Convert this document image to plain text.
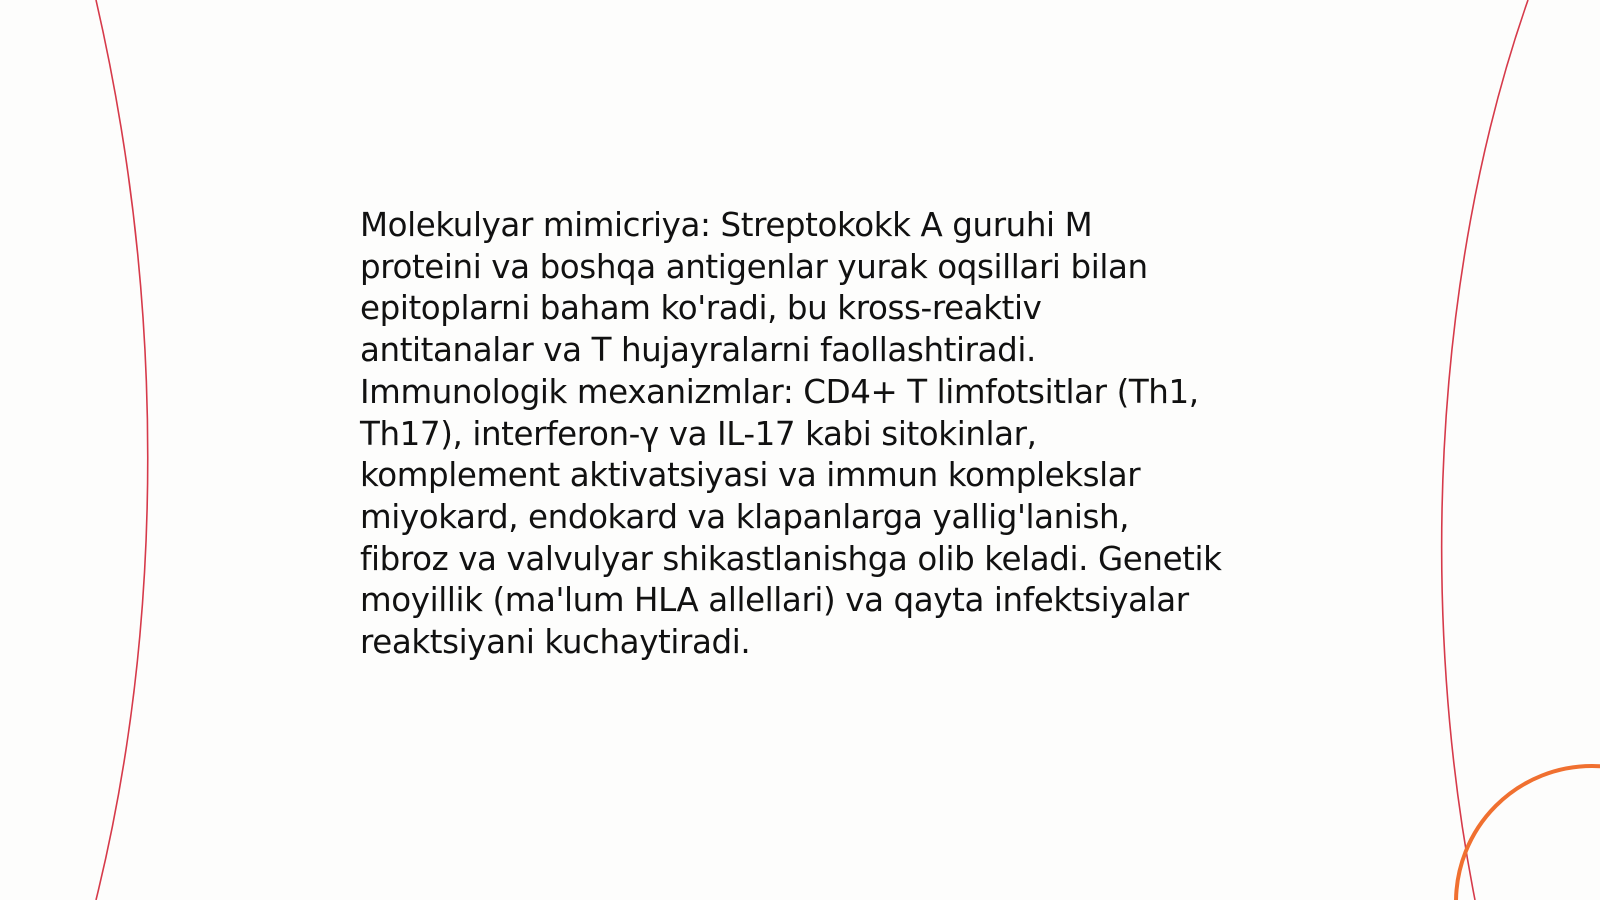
Molekulyar mimicriya: Streptokokk A guruhi M
proteini va boshqa antigenlar yurak oqsillari bilan
epitoplarni baham ko'radi, bu kross-reaktiv
antitanalar va T hujayralarni faollashtiradi.
Immunologik mexanizmlar: CD4+ T limfotsitlar (Th1,
Th17), interferon-γ va IL-17 kabi sitokinlar,
komplement aktivatsiyasi va immun komplekslar
miyokard, endokard va klapanlarga yallig'lanish,
fibroz va valvulyar shikastlanishga olib keladi. Genetik
moyillik (ma'lum HLA allellari) va qayta infektsiyalar
reaktsiyani kuchaytiradi.
